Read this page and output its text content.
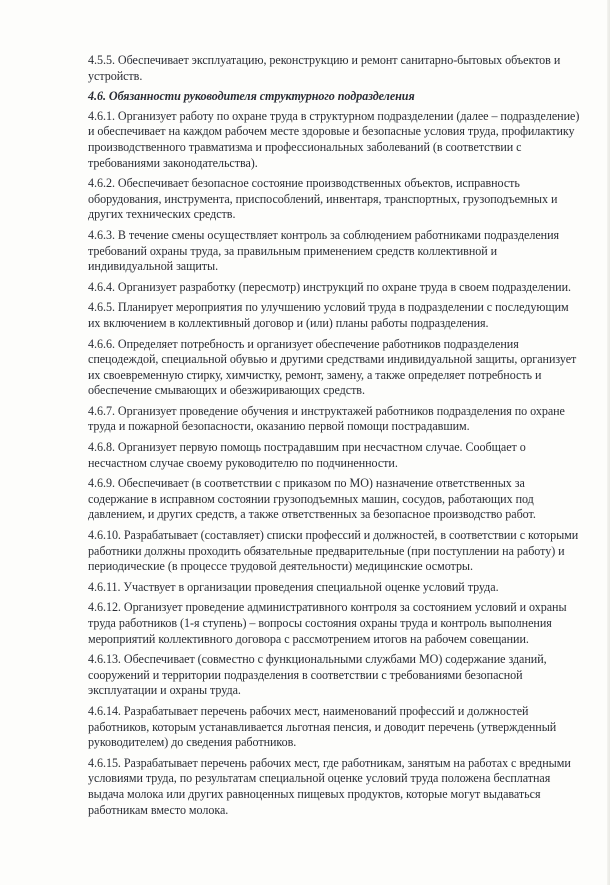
4.5.5. Обеспечивает эксплуатацию, реконструкцию и ремонт санитарно-бытовых объектов и устройств.

4.6. Обязанности руководителя структурного подразделения

4.6.1. Организует работу по охране труда в структурном подразделении (далее – подразделение) и обеспечивает на каждом рабочем месте здоровые и безопасные условия труда, профилактику производственного травматизма и профессиональных заболеваний (в соответствии с требованиями законодательства).

4.6.2. Обеспечивает безопасное состояние производственных объектов, исправность оборудования, инструмента, приспособлений, инвентаря, транспортных, грузоподъемных и других технических средств.

4.6.3. В течение смены осуществляет контроль за соблюдением работниками подразделения требований охраны труда, за правильным применением средств коллективной и индивидуальной защиты.

4.6.4. Организует разработку (пересмотр) инструкций по охране труда в своем подразделении.

4.6.5. Планирует мероприятия по улучшению условий труда в подразделении с последующим их включением в коллективный договор и (или) планы работы подразделения.

4.6.6. Определяет потребность и организует обеспечение работников подразделения спецодеждой, специальной обувью и другими средствами индивидуальной защиты, организует их своевременную стирку, химчистку, ремонт, замену, а также определяет потребность и обеспечение смывающих и обезжиривающих средств.

4.6.7. Организует проведение обучения и инструктажей работников подразделения по охране труда и пожарной безопасности, оказанию первой помощи пострадавшим.

4.6.8. Организует первую помощь пострадавшим при несчастном случае. Сообщает о несчастном случае своему руководителю по подчиненности.

4.6.9. Обеспечивает (в соответствии с приказом по МО) назначение ответственных за содержание в исправном состоянии грузоподъемных машин, сосудов, работающих под давлением, и других средств, а также ответственных за безопасное производство работ.

4.6.10. Разрабатывает (составляет) списки профессий и должностей, в соответствии с которыми работники должны проходить обязательные предварительные (при поступлении на работу) и периодические (в процессе трудовой деятельности) медицинские осмотры.

4.6.11. Участвует в организации проведения специальной оценке условий труда.

4.6.12. Организует проведение административного контроля за состоянием условий и охраны труда работников (1-я ступень) – вопросы состояния охраны труда и контроль выполнения мероприятий коллективного договора с рассмотрением итогов на рабочем совещании.

4.6.13. Обеспечивает (совместно с функциональными службами МО) содержание зданий, сооружений и территории подразделения в соответствии с требованиями безопасной эксплуатации и охраны труда.

4.6.14. Разрабатывает перечень рабочих мест, наименований профессий и должностей работников, которым устанавливается льготная пенсия, и доводит перечень (утвержденный руководителем) до сведения работников.

4.6.15. Разрабатывает перечень рабочих мест, где работникам, занятым на работах с вредными условиями труда, по результатам специальной оценке условий труда положена бесплатная выдача молока или других равноценных пищевых продуктов, которые могут выдаваться работникам вместо молока.
